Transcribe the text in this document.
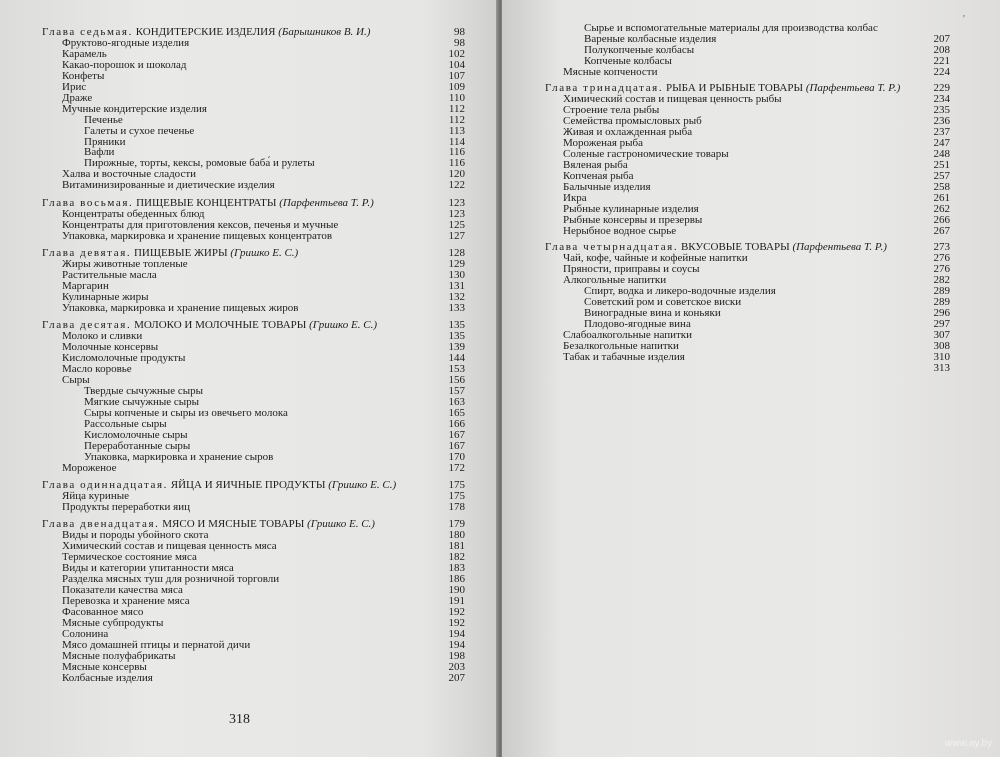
Глава седьмая. КОНДИТЕРСКИЕ ИЗДЕЛИЯ (Барышников В. И.)	98
Фруктово-ягодные изделия	98
Карамель	102
Какао-порошок и шоколад	104
Конфеты	107
Ирис	109
Драже	110
Мучные кондитерские изделия	112
Печенье	112
Галеты и сухое печенье	113
Пряники	114
Вафли	116
Пирожные, торты, кексы, ромовые баба́ и рулеты	116
Халва и восточные сладости	120
Витаминизированные и диетические изделия	122
Глава восьмая. ПИЩЕВЫЕ КОНЦЕНТРАТЫ (Парфентьева Т. Р.)	123
Концентраты обеденных блюд	123
Концентраты для приготовления кексов, печенья и мучные	125
Упаковка, маркировка и хранение пищевых концентратов	127
Глава девятая. ПИЩЕВЫЕ ЖИРЫ (Гришко Е. С.)	128
Жиры животные топленые	129
Растительные масла	130
Маргарин	131
Кулинарные жиры	132
Упаковка, маркировка и хранение пищевых жиров	133
Глава десятая. МОЛОКО И МОЛОЧНЫЕ ТОВАРЫ (Гришко Е. С.)	135
Молоко и сливки	135
Молочные консервы	139
Кисломолочные продукты	144
Масло коровье	153
Сыры	156
Твердые сычужные сыры	157
Мягкие сычужные сыры	163
Сыры копченые и сыры из овечьего молока	165
Рассольные сыры	166
Кисломолочные сыры	167
Переработанные сыры	167
Упаковка, маркировка и хранение сыров	170
Мороженое	172
Глава одиннадцатая. ЯЙЦА И ЯИЧНЫЕ ПРОДУКТЫ (Гришко Е. С.)	175
Яйца куриные	175
Продукты переработки яиц	178
Глава двенадцатая. МЯСО И МЯСНЫЕ ТОВАРЫ (Гришко Е. С.)	179
Виды и породы убойного скота	180
Химический состав и пищевая ценность мяса	181
Термическое состояние мяса	182
Виды и категории упитанности мяса	183
Разделка мясных туш для розничной торговли	186
Показатели качества мяса	190
Перевозка и хранение мяса	191
Фасованное мясо	192
Мясные субпродукты	192
Солонина	194
Мясо домашней птицы и пернатой дичи	194
Мясные полуфабрикаты	198
Мясные консервы	203
Колбасные изделия	207
318
Сырье и вспомогательные материалы для производства колбас
Вареные колбасные изделия	207
Полукопченые колбасы	208
Копченые колбасы	221
Мясные копчености	224
Глава тринадцатая. РЫБА И РЫБНЫЕ ТОВАРЫ (Парфентьева Т. Р.)	229
Химический состав и пищевая ценность рыбы	234
Строение тела рыбы	235
Семейства промысловых рыб	236
Живая и охлажденная рыба	237
Мороженая рыба	247
Соленые гастрономические товары	248
Вяленая рыба	251
Копченая рыба	257
Балычные изделия	258
Икра	261
Рыбные кулинарные изделия	262
Рыбные консервы и презервы	266
Нерыбное водное сырье	267
Глава четырнадцатая. ВКУСОВЫЕ ТОВАРЫ (Парфентьева Т. Р.)	273
Чай, кофе, чайные и кофейные напитки	276
Пряности, приправы и соусы	276
Алкогольные напитки	282
Спирт, водка и ликеро-водочные изделия	289
Советский ром и советское виски	289
Виноградные вина и коньяки	296
Плодово-ягодные вина	297
Слабоалкогольные напитки	307
Безалкогольные напитки	308
Табак и табачные изделия	310
313
'
www.ay.by
